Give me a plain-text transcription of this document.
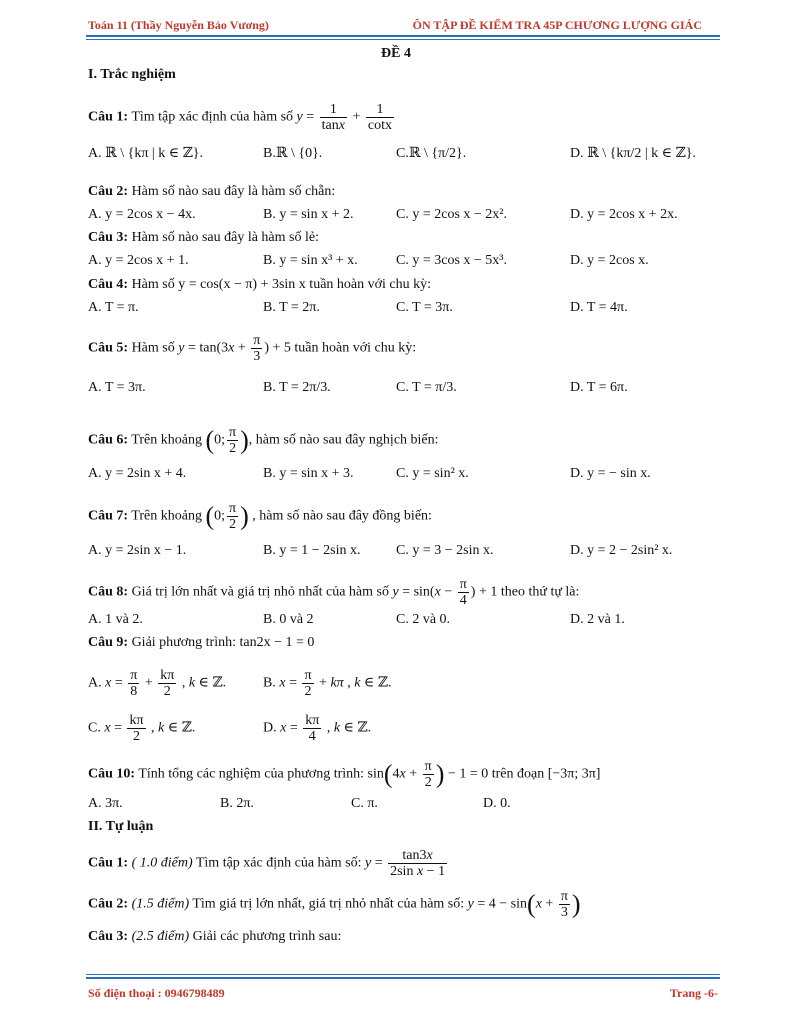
Toán 11 (Thầy Nguyễn Bảo Vương)	ÔN TẬP ĐỀ KIỂM TRA 45P CHƯƠNG LƯỢNG GIÁC
ĐỀ 4
I. Trắc nghiệm
Câu 1: Tìm tập xác định của hàm số $y = \frac{1}{\tan x} + \frac{1}{\cot x}$
A. ℝ \ {kπ | k ∈ ℤ}.	B.ℝ \ {0}.	C.ℝ \ {π/2}.	D. ℝ \ {kπ/2 | k ∈ ℤ}.
Câu 2: Hàm số nào sau đây là hàm số chẵn:
A. y = 2cos x − 4x.	B. y = sin x + 2.	C. y = 2cos x − 2x².	D. y = 2cos x + 2x.
Câu 3: Hàm số nào sau đây là hàm số lẻ:
A. y = 2cos x + 1.	B. y = sin x³ + x.	C. y = 3cos x − 5x³.	D. y = 2cos x.
Câu 4: Hàm số y = cos(x − π) + 3sin x tuần hoàn với chu kỳ:
A. T = π.	B. T = 2π.	C. T = 3π.	D. T = 4π.
Câu 5: Hàm số $y = \tan(3x + \frac{\pi}{3}$ ) + 5 tuần hoàn với chu kỳ:
A. T = 3π.	B. T = 2π/3.	C. T = π/3.	D. T = 6π.
Câu 6: Trên khoảng (0; $\frac{\pi}{2}$ ), hàm số nào sau đây nghịch biến:
A. y = 2sin x + 4.	B. y = sin x + 3.	C. y = sin² x.	D. y = − sin x.
Câu 7: Trên khoảng (0; $\frac{\pi}{2}$ ) , hàm số nào sau đây đồng biến:
A. y = 2sin x − 1.	B. y = 1 − 2sin x.	C. y = 3 − 2sin x.	D. y = 2 − 2sin² x.
Câu 8: Giá trị lớn nhất và giá trị nhỏ nhất của hàm số $y = \sin(x - \frac{\pi}{4}$ ) + 1 theo thứ tự là:
A. 1 và 2.	B. 0 và 2	C. 2 và 0.	D. 2 và 1.
Câu 9: Giải phương trình: tan2x − 1 = 0
A. $x = \frac{\pi}{8} + \frac{k\pi}{2}$ , k ∈ ℤ.	B. $x = \frac{\pi}{2} + k\pi$ , k ∈ ℤ.
C. $x = \frac{k\pi}{2}$ , k ∈ ℤ.	D. $x = \frac{k\pi}{4}$ , k ∈ ℤ.
Câu 10: Tính tổng các nghiệm của phương trình: $\sin(4x + \frac{\pi}{2}$ ) − 1 = 0 trên đoạn [−3π; 3π]
A. 3π.	B. 2π.	C. π.	D. 0.
II. Tự luận
Câu 1: ( 1.0 điểm) Tìm tập xác định của hàm số: $y = \frac{\tan 3x}{\text{2sin x − 1}}$
Câu 2: (1.5 điểm) Tìm giá trị lớn nhất, giá trị nhỏ nhất của hàm số: $y = 4 - \sin(x + \frac{\pi}{3}$ )
Câu 3: (2.5 điểm) Giải các phương trình sau:
Số điện thoại : 0946798489	Trang -6-
